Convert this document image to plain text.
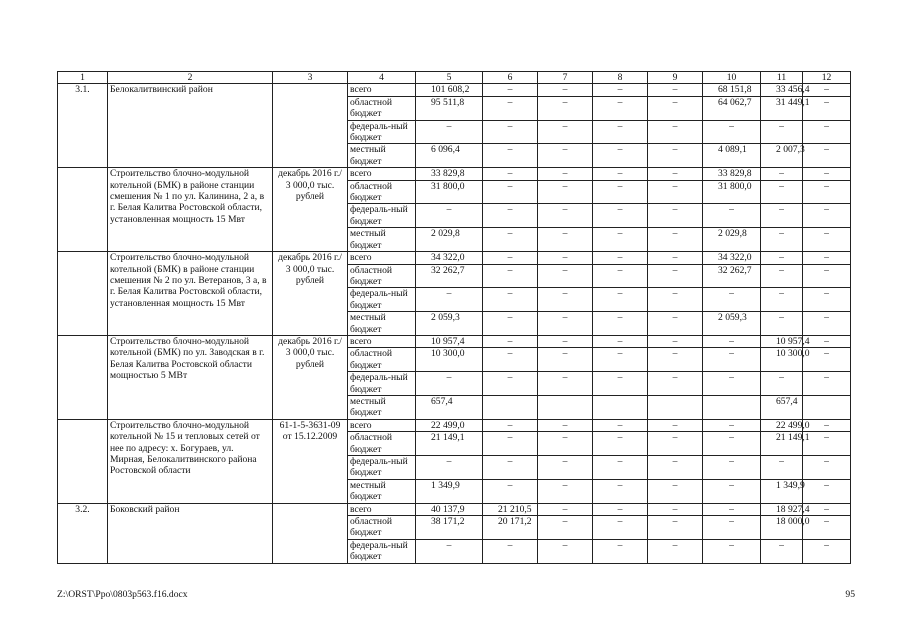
1	2	3	4	5	6	7	8	9	10	11	12
3.1.	Белокалитвинский район		всего	101 608,2	–	–	–	–	68 151,8	33 456,4	–
			областной бюджет	95 511,8	–	–	–	–	64 062,7	31 449,1	–
			федераль-ный бюджет	–	–	–	–	–	–	–	–
			местный бюджет	6 096,4	–	–	–	–	4 089,1	2 007,3	–
	Строительство блочно-модульной котельной (БМК) в районе станции смешения № 1 по ул. Калинина, 2 а, в г. Белая Калитва Ростовской области, установленная мощность 15 Мвт	декабрь 2016 г./ 3 000,0 тыс. рублей	всего	33 829,8	–	–	–	–	33 829,8	–	–
			областной бюджет	31 800,0	–	–	–	–	31 800,0	–	–
			федераль-ный бюджет	–	–	–	–	–	–	–	–
			местный бюджет	2 029,8	–	–	–	–	2 029,8	–	–
	Строительство блочно-модульной котельной (БМК) в районе станции смешения № 2 по ул. Ветеранов, 3 а, в г. Белая Калитва Ростовской области, установленная мощность 15 Мвт	декабрь 2016 г./ 3 000,0 тыс. рублей	всего	34 322,0	–	–	–	–	34 322,0	–	–
			областной бюджет	32 262,7	–	–	–	–	32 262,7	–	–
			федераль-ный бюджет	–	–	–	–	–	–	–	–
			местный бюджет	2 059,3	–	–	–	–	2 059,3	–	–
	Строительство блочно-модульной котельной (БМК) по ул. Заводская в г. Белая Калитва Ростовской области мощностью 5 МВт	декабрь 2016 г./ 3 000,0 тыс. рублей	всего	10 957,4	–	–	–	–	–	10 957,4	–
			областной бюджет	10 300,0	–	–	–	–	–	10 300,0	–
			федераль-ный бюджет	–	–	–	–	–	–	–	–
			местный бюджет	657,4						657,4	
	Строительство блочно-модульной котельной № 15 и тепловых сетей от нее по адресу: х. Богураев, ул. Мирная, Белокалитвинского района Ростовской области	61-1-5-3631-09 от 15.12.2009	всего	22 499,0	–	–	–	–	–	22 499,0	–
			областной бюджет	21 149,1	–	–	–	–	–	21 149,1	–
			федераль-ный бюджет	–	–	–	–	–	–	–	–
			местный бюджет	1 349,9	–	–	–	–	–	1 349,9	–
3.2.	Боковский район		всего	40 137,9	21 210,5	–	–	–	–	18 927,4	–
			областной бюджет	38 171,2	20 171,2	–	–	–	–	18 000,0	–
			федераль-ный бюджет	–	–	–	–	–	–	–	–
Z:\ORST\Ppo\0803p563.f16.docx	95
